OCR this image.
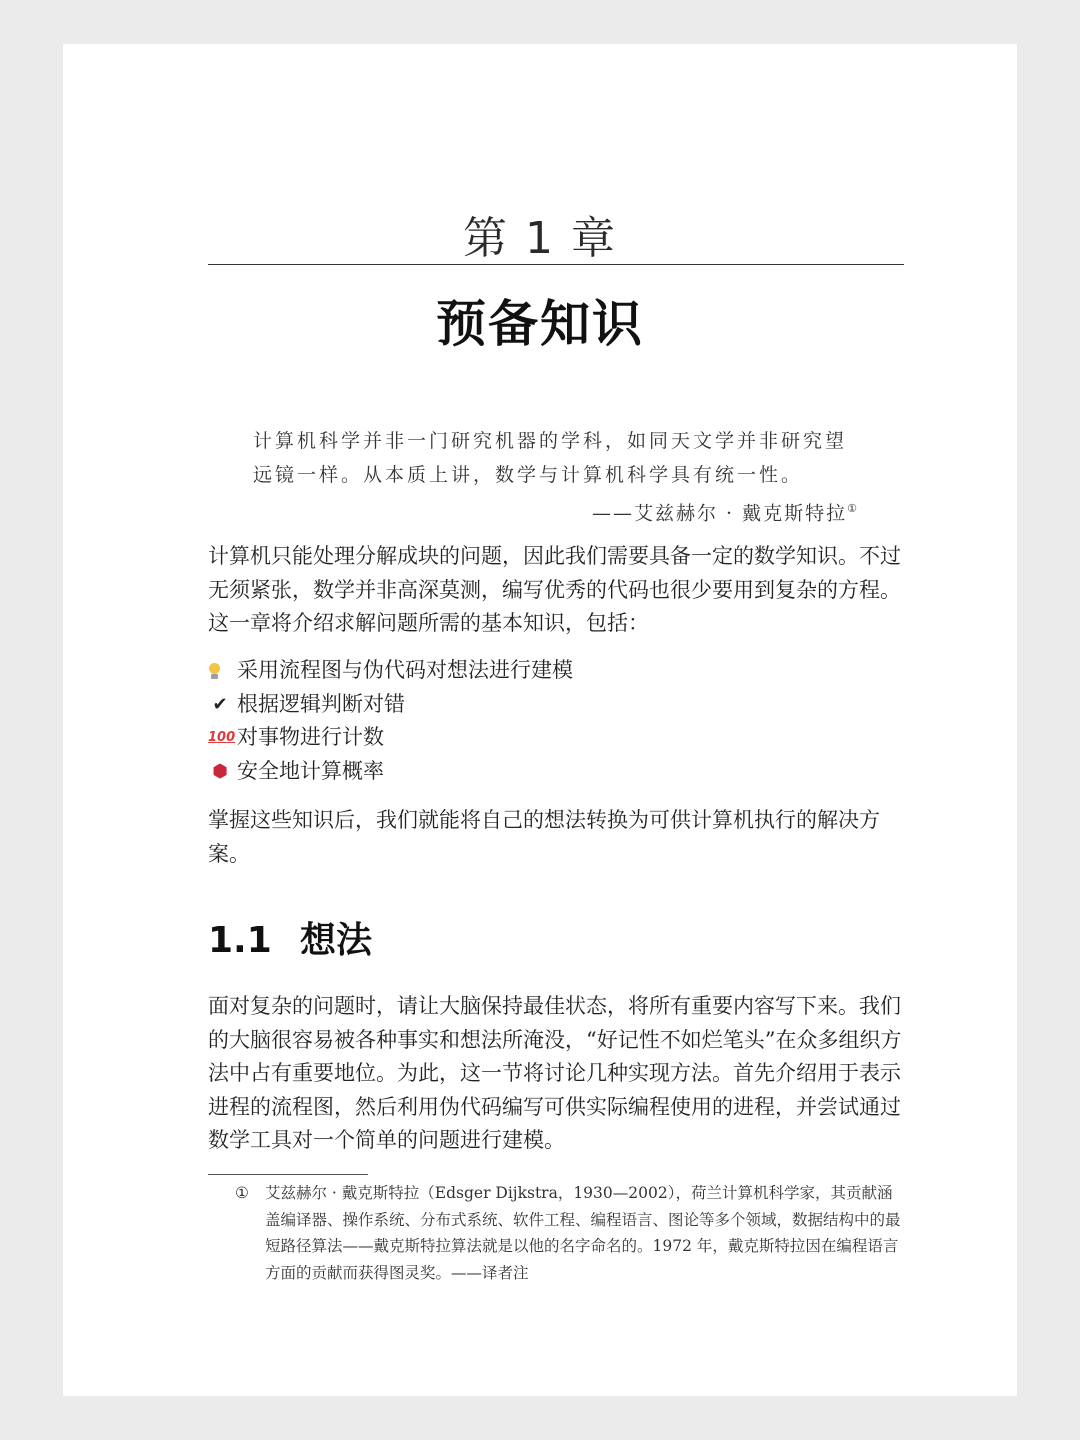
第 1 章
预备知识

计算机科学并非一门研究机器的学科，如同天文学并非研究望

远镜一样。从本质上讲，数学与计算机科学具有统一性。

——艾兹赫尔 · 戴克斯特拉①

计算机只能处理分解成块的问题，因此我们需要具备一定的数学知识。不过无须紧张，数学并非高深莫测，编写优秀的代码也很少要用到复杂的方程。这一章将介绍求解问题所需的基本知识，包括：

采用流程图与伪代码对想法进行建模
✔ 根据逻辑判断对错
100 对事物进行计数
⬢ 安全地计算概率

掌握这些知识后，我们就能将自己的想法转换为可供计算机执行的解决方案。

1.1 想法

面对复杂的问题时，请让大脑保持最佳状态，将所有重要内容写下来。我们的大脑很容易被各种事实和想法所淹没，“好记性不如烂笔头”在众多组织方法中占有重要地位。为此，这一节将讨论几种实现方法。首先介绍用于表示进程的流程图，然后利用伪代码编写可供实际编程使用的进程，并尝试通过数学工具对一个简单的问题进行建模。

① 艾兹赫尔 · 戴克斯特拉（Edsger Dijkstra，1930—2002），荷兰计算机科学家，其贡献涵盖编译器、操作系统、分布式系统、软件工程、编程语言、图论等多个领域，数据结构中的最短路径算法——戴克斯特拉算法就是以他的名字命名的。1972 年，戴克斯特拉因在编程语言方面的贡献而获得图灵奖。——译者注
